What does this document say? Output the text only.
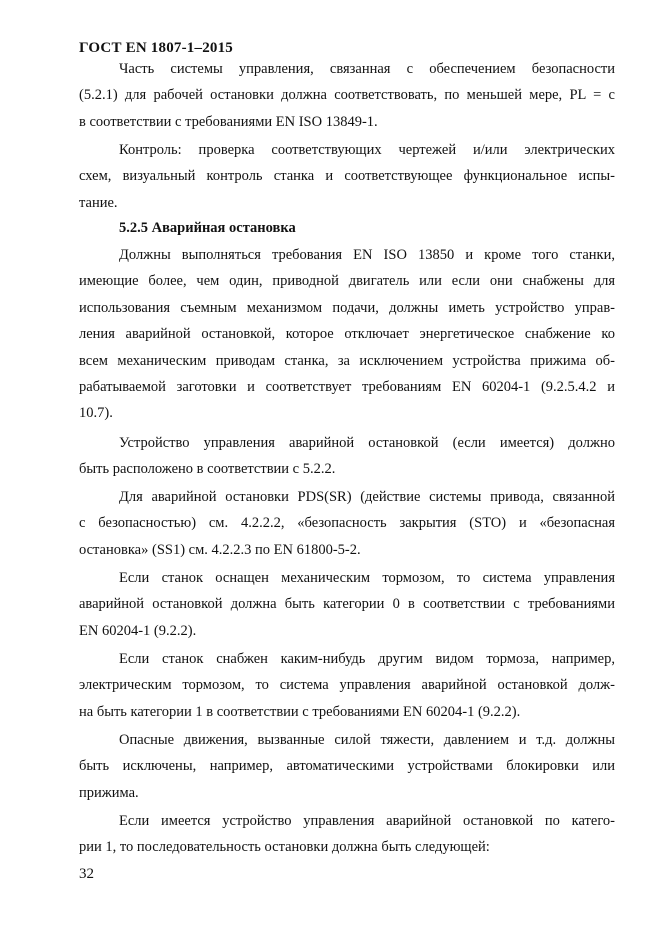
ГОСТ EN 1807-1–2015
Часть системы управления, связанная с обеспечением безопасности
(5.2.1) для рабочей остановки должна соответствовать, по меньшей мере, PL = c
в соответствии с требованиями EN ISO 13849-1.
Контроль: проверка соответствующих чертежей и/или электрических
схем, визуальный контроль станка и соответствующее функциональное испы-
тание.
5.2.5 Аварийная остановка
Должны выполняться требования EN ISO 13850 и кроме того станки,
имеющие более, чем один, приводной двигатель или если они снабжены для
использования съемным механизмом подачи, должны иметь устройство управ-
ления аварийной остановкой, которое отключает энергетическое снабжение ко
всем механическим приводам станка, за исключением устройства прижима об-
рабатываемой заготовки и соответствует требованиям EN 60204-1 (9.2.5.4.2 и
10.7).
Устройство управления аварийной остановкой (если имеется) должно
быть расположено в соответствии с 5.2.2.
Для аварийной остановки PDS(SR) (действие системы привода, связанной
с безопасностью) см. 4.2.2.2, «безопасность закрытия (STO) и «безопасная
остановка» (SS1) см. 4.2.2.3 по EN 61800-5-2.
Если станок оснащен механическим тормозом, то система управления
аварийной остановкой должна быть категории 0 в соответствии с требованиями
EN 60204-1 (9.2.2).
Если станок снабжен каким-нибудь другим видом тормоза, например,
электрическим тормозом, то система управления аварийной остановкой долж-
на быть категории 1 в соответствии с требованиями EN 60204-1 (9.2.2).
Опасные движения, вызванные силой тяжести, давлением и т.д. должны
быть исключены, например, автоматическими устройствами блокировки или
прижима.
Если имеется устройство управления аварийной остановкой по катего-
рии 1, то последовательность остановки должна быть следующей:
32
